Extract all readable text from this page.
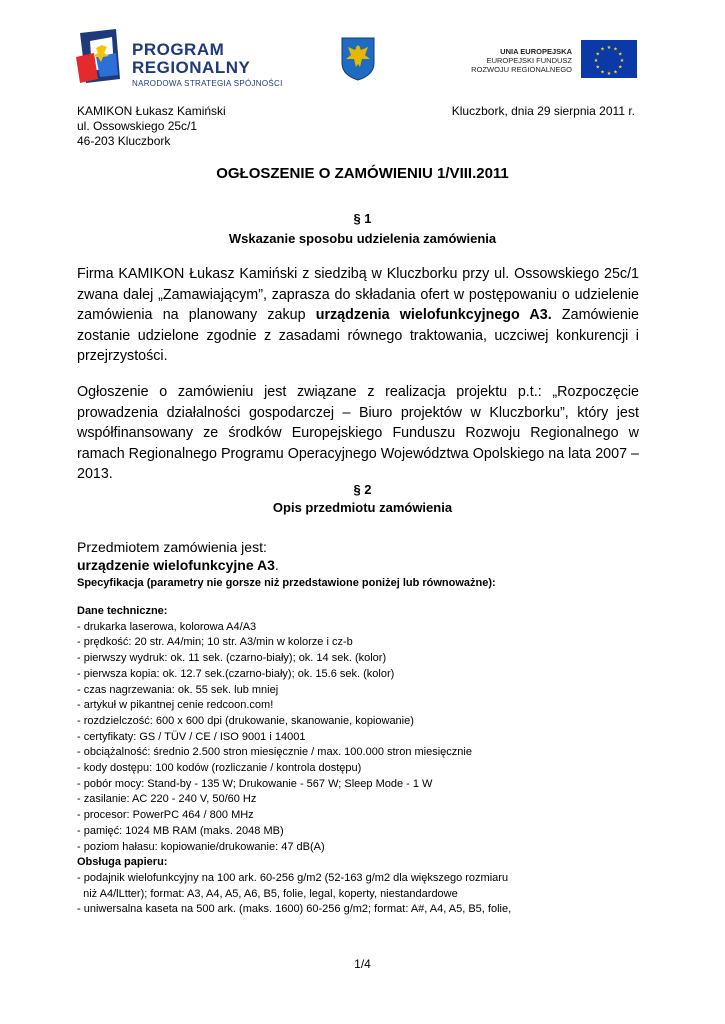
PROGRAM
REGIONALNY
NARODOWA STRATEGIA SPÓJNOŚCI
UNIA EUROPEJSKA
EUROPEJSKI FUNDUSZ
ROZWOJU REGIONALNEGO
★ ★
★
★
★
★
★
★
★
★
★
★
KAMIKON Łukasz Kamiński
ul. Ossowskiego 25c/1
46-203 Kluczbork
Kluczbork, dnia 29 sierpnia 2011 r.
OGŁOSZENIE O ZAMÓWIENIU 1/VIII.2011
§ 1
Wskazanie sposobu udzielenia zamówienia
Firma KAMIKON Łukasz Kamiński z siedzibą w Kluczborku przy ul. Ossowskiego 25c/1 zwana dalej „Zamawiającym”, zaprasza do składania ofert w postępowaniu o udzielenie zamówienia na planowany zakup urządzenia wielofunkcyjnego A3. Zamówienie zostanie udzielone zgodnie z zasadami równego traktowania, uczciwej konkurencji i przejrzystości.
Ogłoszenie o zamówieniu jest związane z realizacja projektu p.t.: „Rozpoczęcie prowadzenia działalności gospodarczej – Biuro projektów w Kluczborku”, który jest współfinansowany ze środków Europejskiego Funduszu Rozwoju Regionalnego w ramach Regionalnego Programu Operacyjnego Województwa Opolskiego na lata 2007 – 2013.
§ 2
Opis przedmiotu zamówienia
Przedmiotem zamówienia jest:
urządzenie wielofunkcyjne A3.
Specyfikacja (parametry nie gorsze niż przedstawione poniżej lub równoważne):
Dane techniczne:
- drukarka laserowa, kolorowa A4/A3
- prędkość: 20 str. A4/min; 10 str. A3/min w kolorze i cz-b
- pierwszy wydruk: ok. 11 sek. (czarno-biały); ok. 14 sek. (kolor)
- pierwsza kopia: ok. 12.7 sek.(czarno-biały); ok. 15.6 sek. (kolor)
- czas nagrzewania: ok. 55 sek. lub mniej
- artykuł w pikantnej cenie redcoon.com!
- rozdzielczość: 600 x 600 dpi (drukowanie, skanowanie, kopiowanie)
- certyfikaty: GS / TÜV / CE / ISO 9001 i 14001
- obciążalność: średnio 2.500 stron miesięcznie / max. 100.000 stron miesięcznie
- kody dostępu: 100 kodów (rozliczanie / kontrola dostępu)
- pobór mocy: Stand-by - 135 W; Drukowanie - 567 W; Sleep Mode - 1 W
- zasilanie: AC 220 - 240 V, 50/60 Hz
- procesor: PowerPC 464 / 800 MHz
- pamięć: 1024 MB RAM (maks. 2048 MB)
- poziom hałasu: kopiowanie/drukowanie: 47 dB(A)
Obsługa papieru:
- podajnik wielofunkcyjny na 100 ark. 60-256 g/m2 (52-163 g/m2 dla większego rozmiaru
niż A4/lLtter); format: A3, A4, A5, A6, B5, folie, legal, koperty, niestandardowe
- uniwersalna kaseta na 500 ark. (maks. 1600) 60-256 g/m2; format: A#, A4, A5, B5, folie,
1/4
